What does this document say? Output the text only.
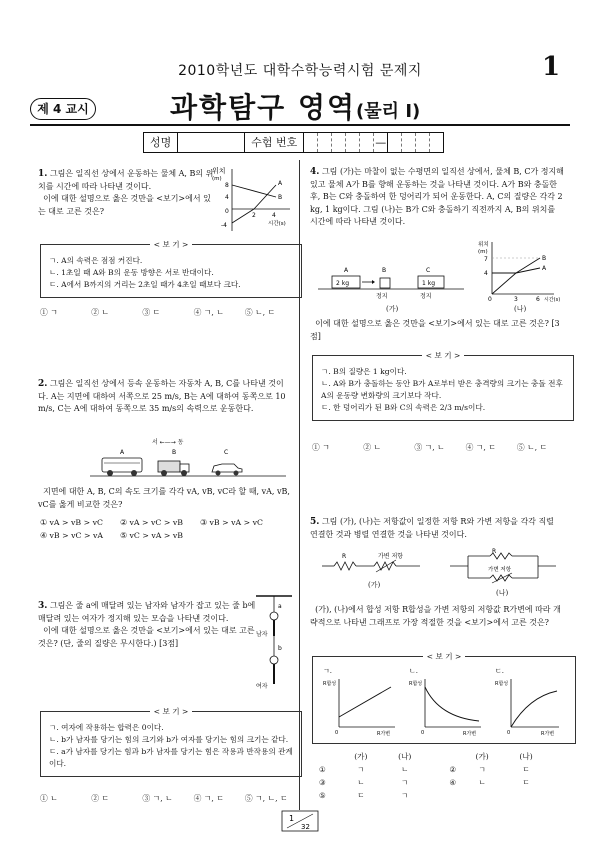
2010학년도 대학수학능력시험 문제지	1
제 4 교시	과학탐구 영역(물리 I)
성명	수험 번호	—
1. 그림은 일직선 상에서 운동하는 물체 A, B의 위치를 시간에 따라 나타낸 것이다.
이에 대한 설명으로 옳은 것만을 <보기>에서 있는 대로 고른 것은?
위치
(m)
8
4
0
-4
2	4
시간(s)
A
B
< 보 기 >
ㄱ. A의 속력은 점점 커진다.
ㄴ. 1초일 때 A와 B의 운동 방향은 서로 반대이다.
ㄷ. A에서 B까지의 거리는 2초일 때가 4초일 때보다 크다.
① ㄱ	② ㄴ	③ ㄷ	④ ㄱ, ㄴ	⑤ ㄴ, ㄷ
2. 그림은 일직선 상에서 등속 운동하는 자동차 A, B, C를 나타낸 것이다. A는 지면에 대하여 서쪽으로 25 m/s, B는 A에 대하여 동쪽으로 10 m/s, C는 A에 대하여 동쪽으로 35 m/s의 속력으로 운동한다.
서 ←—→ 동
A	B	C
지면에 대한 A, B, C의 속도 크기를 각각 vA, vB, vC라 할 때, vA, vB, vC를 옳게 비교한 것은?
① vA > vB > vC	② vA > vC > vB	③ vB > vA > vC
④ vB > vC > vA	⑤ vC > vA > vB
3. 그림은 줄 a에 매달려 있는 남자와 남자가 잡고 있는 줄 b에 매달려 있는 여자가 정지해 있는 모습을 나타낸 것이다.
이에 대한 설명으로 옳은 것만을 <보기>에서 있는 대로 고른 것은? (단, 줄의 질량은 무시한다.) [3점]
a
남자
b
여자
< 보 기 >
ㄱ. 여자에 작용하는 합력은 0이다.
ㄴ. b가 남자를 당기는 힘의 크기와 b가 여자를 당기는 힘의 크기는 같다.
ㄷ. a가 남자를 당기는 힘과 b가 남자를 당기는 힘은 작용과 반작용의 관계이다.
① ㄴ	② ㄷ	③ ㄱ, ㄴ	④ ㄱ, ㄷ	⑤ ㄱ, ㄴ, ㄷ
4. 그림 (가)는 마찰이 없는 수평면의 일직선 상에서, 물체 B, C가 정지해 있고 물체 A가 B를 향해 운동하는 것을 나타낸 것이다. A가 B와 충돌한 후, B는 C와 충돌하여 한 덩어리가 되어 운동한다. A, C의 질량은 각각 2 kg, 1 kg이다. 그림 (나)는 B가 C와 충돌하기 직전까지 A, B의 위치를 시간에 따라 나타낸 것이다.
A	B	C
2 kg	1 kg
정지	정지
(가)
위치
(m)
7
4
0	3	6 시간(s)
B
A
(나)
이에 대한 설명으로 옳은 것만을 <보기>에서 있는 대로 고른 것은? [3점]
< 보 기 >
ㄱ. B의 질량은 1 kg이다.
ㄴ. A와 B가 충돌하는 동안 B가 A로부터 받은 충격량의 크기는 충돌 전후 A의 운동량 변화량의 크기보다 작다.
ㄷ. 한 덩어리가 된 B와 C의 속력은 2/3 m/s이다.
① ㄱ	② ㄴ	③ ㄱ, ㄴ	④ ㄱ, ㄷ	⑤ ㄴ, ㄷ
5. 그림 (가), (나)는 저항값이 일정한 저항 R와 가변 저항을 각각 직렬 연결한 것과 병렬 연결한 것을 나타낸 것이다.
R	가변 저항
(가)
R
가변 저항
(나)
(가), (나)에서 합성 저항 R합성을 가변 저항의 저항값 R가변에 따라 개략적으로 나타낸 그래프로 가장 적절한 것을 <보기>에서 고른 것은?
< 보 기 >
ㄱ.	ㄴ.	ㄷ.
R합성
0	R가변
R합성
0	R가변
R합성
0	R가변
	(가)	(나)		(가)	(나)
①	ㄱ	ㄴ	②	ㄱ	ㄷ
③	ㄴ	ㄱ	④	ㄴ	ㄷ
⑤	ㄷ	ㄱ			
1
32
